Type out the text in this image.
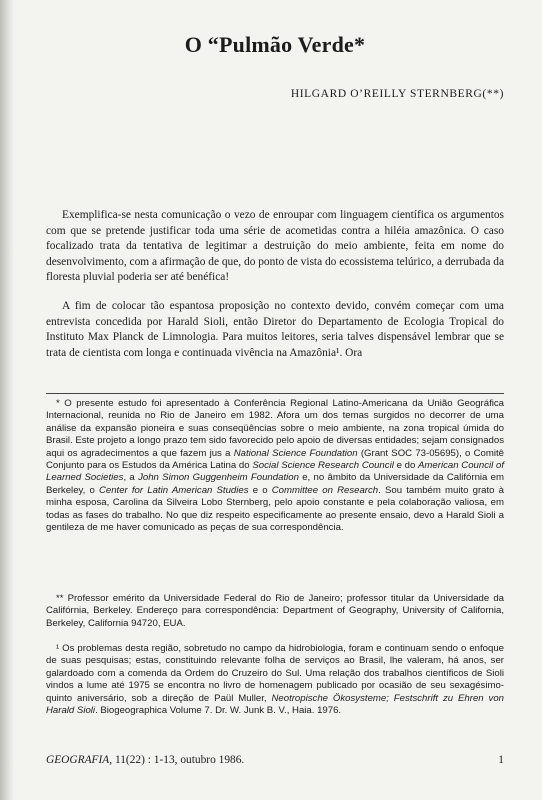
O “Pulmão Verde*
HILGARD O’REILLY STERNBERG(**)

Exemplifica-se nesta comunicação o vezo de enroupar com linguagem científica os argumentos com que se pretende justificar toda uma série de acometidas contra a hiléia amazônica. O caso focalizado trata da tentativa de legitimar a destruição do meio ambiente, feita em nome do desenvolvimento, com a afirmação de que, do ponto de vista do ecossistema telúrico, a derrubada da floresta pluvial poderia ser até benéfica!

A fim de colocar tão espantosa proposição no contexto devido, convém começar com uma entrevista concedida por Harald Sioli, então Diretor do Departamento de Ecologia Tropical do Instituto Max Planck de Limnologia. Para muitos leitores, seria talves dispensável lembrar que se trata de cientista com longa e continuada vivência na Amazônia¹. Ora

* O presente estudo foi apresentado à Conferência Regional Latino-Americana da União Geográfica Internacional, reunida no Rio de Janeiro em 1982. Afora um dos temas surgidos no decorrer de uma análise da expansão pioneira e suas conseqüências sobre o meio ambiente, na zona tropical úmida do Brasil. Este projeto a longo prazo tem sido favorecido pelo apoio de diversas entidades; sejam consignados aqui os agradecimentos a que fazem jus a National Science Foundation (Grant SOC 73-05695), o Comitê Conjunto para os Estudos da América Latina do Social Science Research Council e do American Council of Learned Societies, a John Simon Guggenheim Foundation e, no âmbito da Universidade da Califórnia em Berkeley, o Center for Latin American Studies e o Committee on Research. Sou também muito grato à minha esposa, Carolina da Silveira Lobo Sternberg, pelo apoio constante e pela colaboração valiosa, em todas as fases do trabalho. No que diz respeito especificamente ao presente ensaio, devo a Harald Sioli a gentileza de me haver comunicado as peças de sua correspondência.

** Professor emérito da Universidade Federal do Rio de Janeiro; professor titular da Universidade da Califórnia, Berkeley. Endereço para correspondência: Department of Geography, University of California, Berkeley, California 94720, EUA.

¹ Os problemas desta região, sobretudo no campo da hidrobiologia, foram e continuam sendo o enfoque de suas pesquisas; estas, constituindo relevante folha de serviços ao Brasil, lhe valeram, há anos, ser galardoado com a comenda da Ordem do Cruzeiro do Sul. Uma relação dos trabalhos científicos de Sioli vindos a lume até 1975 se encontra no livro de homenagem publicado por ocasião de seu sexagésimo-quinto aniversário, sob a direção de Paül Muller, Neotropische Ökosysteme; Festschrift zu Ehren von Harald Sioli. Biogeographica Volume 7. Dr. W. Junk B. V., Haia. 1976.

GEOGRAFIA, 11(22) : 1-13, outubro 1986.	1
